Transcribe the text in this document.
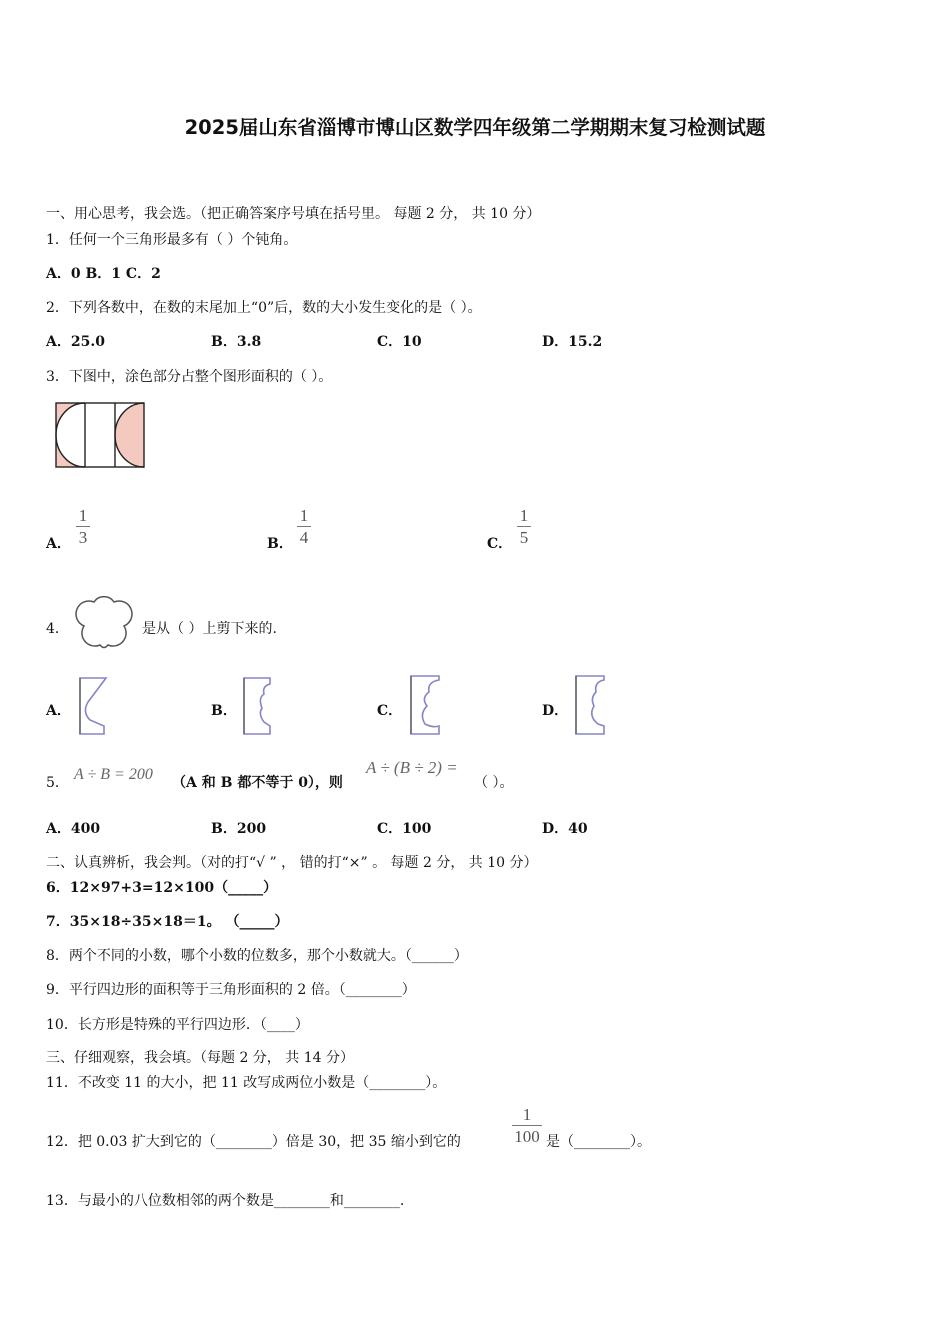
2025届山东省淄博市博山区数学四年级第二学期期末复习检测试题
一、用心思考，我会选。（把正确答案序号填在括号里。 每题 2 分， 共 10 分）
1．任何一个三角形最多有（ ）个钝角。
A．0 B．1 C．2
2．下列各数中，在数的末尾加上“0”后，数的大小发生变化的是（ ）。
A．25.0	B．3.8	C．10	D．15.2
3．下图中，涂色部分占整个图形面积的（ ）。
A．
1
3	B．
1
4	C．
1
5
4．	是从（ ）上剪下来的.
A．	B．	C．	D．
5． A ÷ B = 200 （A 和 B 都不等于 0），则
A ÷ (B ÷ 2) =
（ ）。
A．400	B．200	C．100	D．40
二、认真辨析，我会判。（对的打“√ ” ， 错的打“×” 。 每题 2 分， 共 10 分）
6．12×97+3=12×100（_____）
7．35×18÷35×18＝1。 （_____）
8．两个不同的小数，哪个小数的位数多，那个小数就大。（______）
9．平行四边形的面积等于三角形面积的 2 倍。（________）
10．长方形是特殊的平行四边形．（____）
三、仔细观察，我会填。（每题 2 分， 共 14 分）
11．不改变 11 的大小，把 11 改写成两位小数是（________）。
12．把 0.03 扩大到它的（________）倍是 30，把 35 缩小到它的
1
100 是（________）。
13．与最小的八位数相邻的两个数是________和________.
